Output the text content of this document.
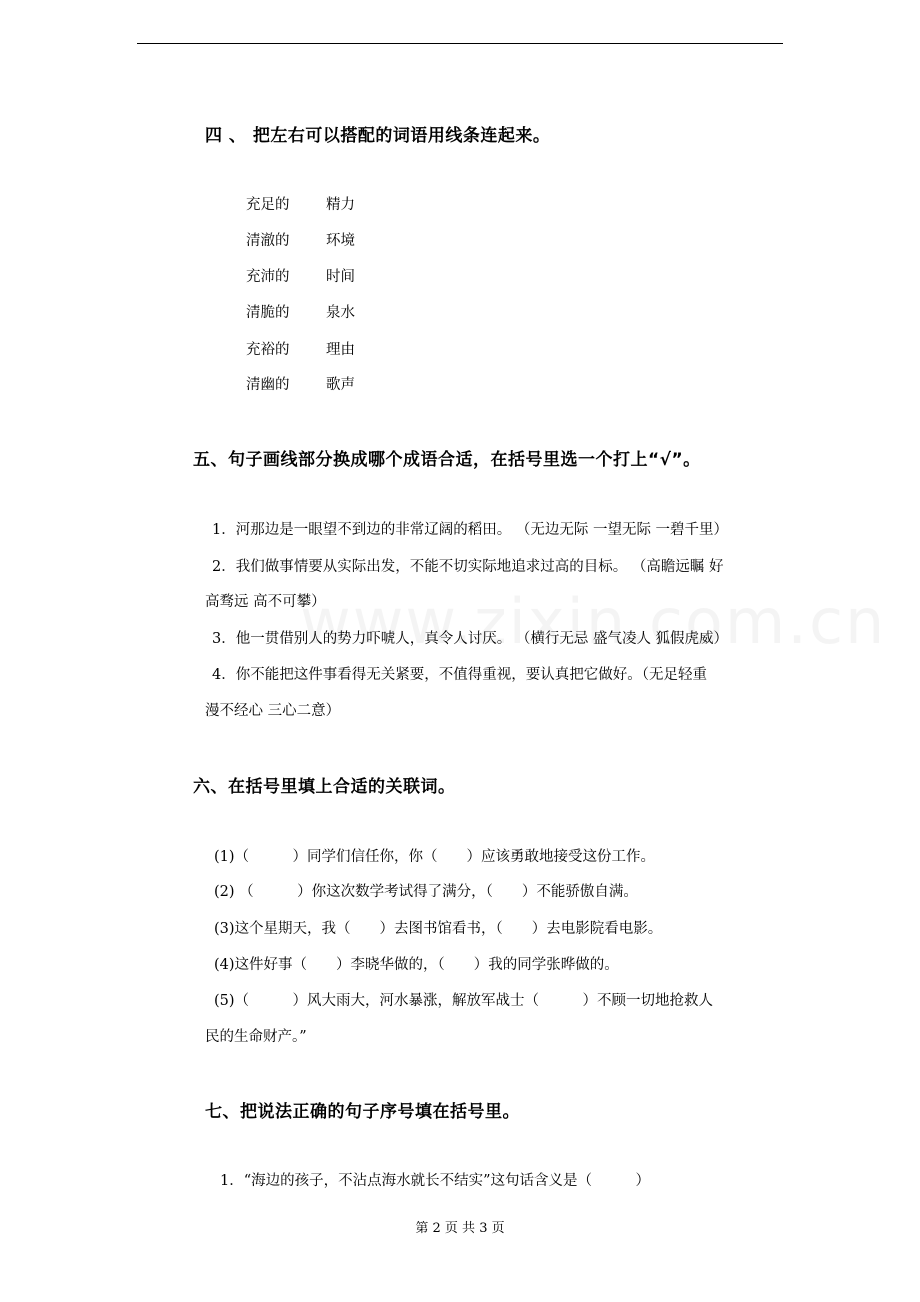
四 、 把左右可以搭配的词语用线条连起来。
充足的	精力
清澈的	环境
充沛的	时间
清脆的	泉水
充裕的	理由
清幽的	歌声
五、句子画线部分换成哪个成语合适，在括号里选一个打上“√”。
1．河那边是一眼望不到边的非常辽阔的稻田。 （无边无际 一望无际 一碧千里）
2．我们做事情要从实际出发，不能不切实际地追求过高的目标。 （高瞻远瞩 好
高骛远 高不可攀）
3．他一贯借别人的势力吓唬人，真令人讨厌。 （横行无忌 盛气凌人 狐假虎威）
4．你不能把这件事看得无关紧要，不值得重视，要认真把它做好。（无足轻重
漫不经心 三心二意）
六、在括号里填上合适的关联词。
(1)（　　　）同学们信任你，你（　　）应该勇敢地接受这份工作。
(2) （　　　）你这次数学考试得了满分，（　　）不能骄傲自满。
(3)这个星期天，我（　　）去图书馆看书，（　　）去电影院看电影。
(4)这件好事（　　）李晓华做的，（　　）我的同学张晔做的。
(5)（　　　）风大雨大，河水暴涨，解放军战士（　　　）不顾一切地抢救人
民的生命财产。”
七、把说法正确的句子序号填在括号里。
1．“海边的孩子，不沾点海水就长不结实”这句话含义是（　　　）
第 2 页 共 3 页
